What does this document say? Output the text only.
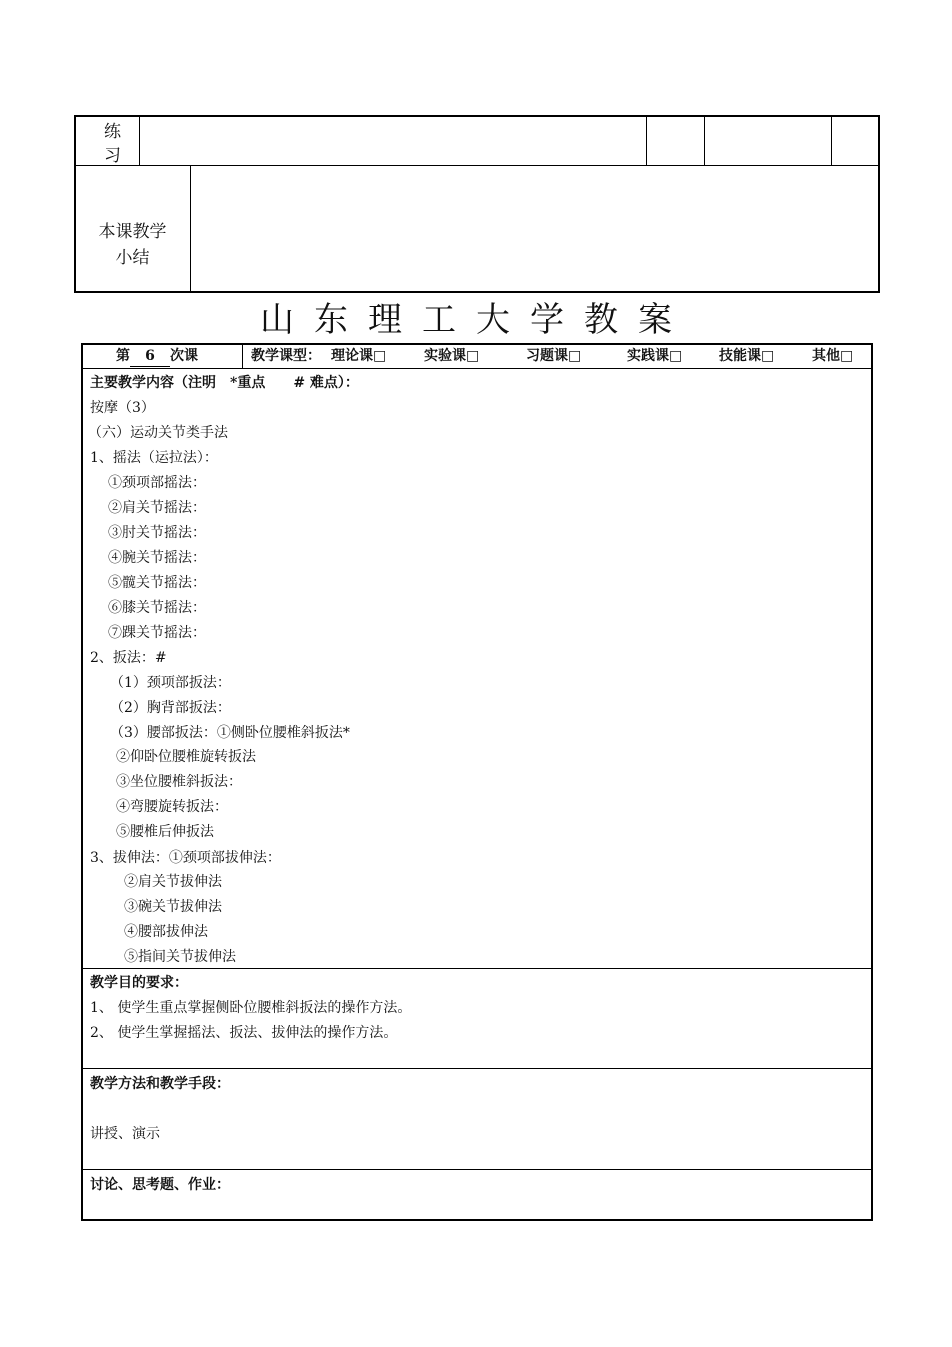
练
习
本课教学
小结
山东理工大学教案
第 6 次课	教学课型： 理论课□	实验课□	习题课□	实践课□	技能课□	其他□
主要教学内容（注明　*重点　　# 难点）：
按摩（3）
（六）运动关节类手法
1、摇法（运拉法）：
①颈项部摇法：
②肩关节摇法：
③肘关节摇法：
④腕关节摇法：
⑤髋关节摇法：
⑥膝关节摇法：
⑦踝关节摇法：
2、扳法：#
（1）颈项部扳法：
（2）胸背部扳法：
（3）腰部扳法：①侧卧位腰椎斜扳法*
②仰卧位腰椎旋转扳法
③坐位腰椎斜扳法：
④弯腰旋转扳法：
⑤腰椎后伸扳法
3、拔伸法：①颈项部拔伸法：
②肩关节拔伸法
③碗关节拔伸法
④腰部拔伸法
⑤指间关节拔伸法
教学目的要求：
1、 使学生重点掌握侧卧位腰椎斜扳法的操作方法。
2、 使学生掌握摇法、扳法、拔伸法的操作方法。
教学方法和教学手段：
讲授、演示
讨论、思考题、作业：
